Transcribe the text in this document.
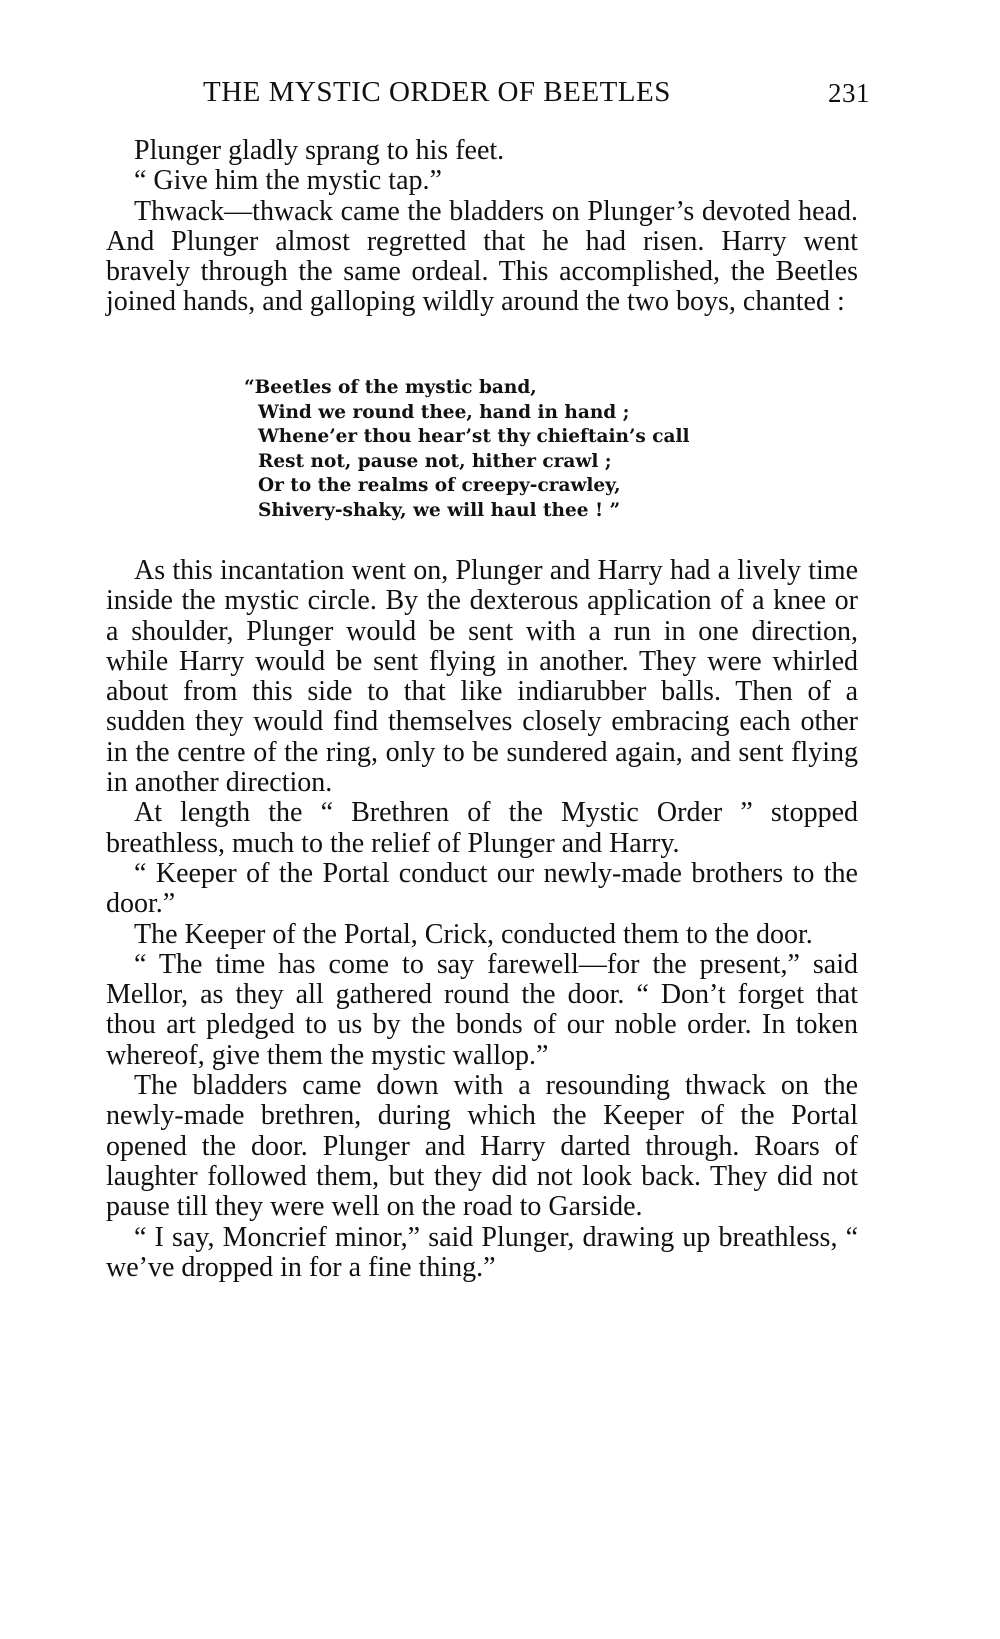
THE MYSTIC ORDER OF BEETLES	231

Plunger gladly sprang to his feet.

“ Give him the mystic tap.”

Thwack—thwack came the bladders on Plunger’s devoted head. And Plunger almost regretted that he had risen. Harry went bravely through the same ordeal. This accomplished, the Beetles joined hands, and galloping wildly around the two boys, chanted :

“Beetles of the mystic band,
Wind we round thee, hand in hand ;
Whene’er thou hear’st thy chieftain’s call
Rest not, pause not, hither crawl ;
Or to the realms of creepy-crawley,
Shivery-shaky, we will haul thee ! ”

As this incantation went on, Plunger and Harry had a lively time inside the mystic circle. By the dexterous application of a knee or a shoulder, Plunger would be sent with a run in one direction, while Harry would be sent flying in another. They were whirled about from this side to that like indiarubber balls. Then of a sudden they would find themselves closely embracing each other in the centre of the ring, only to be sundered again, and sent flying in another direction.

At length the “ Brethren of the Mystic Order ” stopped breathless, much to the relief of Plunger and Harry.

“ Keeper of the Portal conduct our newly-made brothers to the door.”

The Keeper of the Portal, Crick, conducted them to the door.

“ The time has come to say farewell—for the present,” said Mellor, as they all gathered round the door. “ Don’t forget that thou art pledged to us by the bonds of our noble order. In token whereof, give them the mystic wallop.”

The bladders came down with a resounding thwack on the newly-made brethren, during which the Keeper of the Portal opened the door. Plunger and Harry darted through. Roars of laughter followed them, but they did not look back. They did not pause till they were well on the road to Garside.

“ I say, Moncrief minor,” said Plunger, drawing up breathless, “ we’ve dropped in for a fine thing.”
